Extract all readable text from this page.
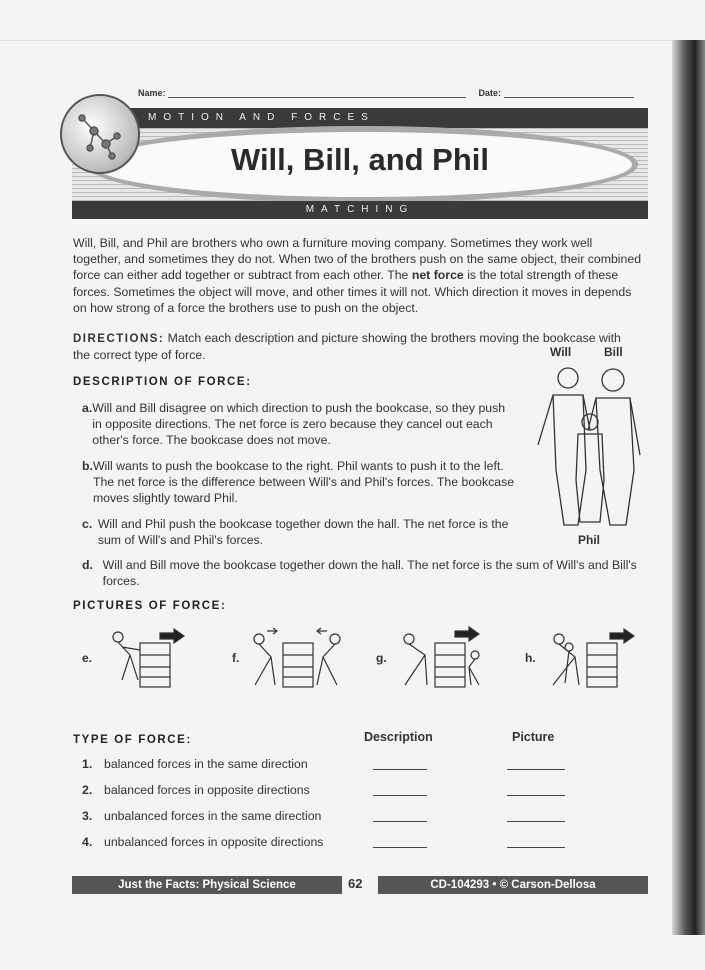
Name:	Date:
MOTION AND FORCES
Will, Bill, and Phil
MATCHING

Will, Bill, and Phil are brothers who own a furniture moving company. Sometimes they work well together, and sometimes they do not. When two of the brothers push on the same object, their combined force can either add together or subtract from each other. The net force is the total strength of these forces. Sometimes the object will move, and other times it will not. Which direction it moves in depends on how strong of a force the brothers use to push on the object.

DIRECTIONS: Match each description and picture showing the brothers moving the bookcase with the correct type of force.	Will	Bill
Phil
DESCRIPTION OF FORCE:
a. Will and Bill disagree on which direction to push the bookcase, so they push in opposite directions. The net force is zero because they cancel out each other's force. The bookcase does not move.
b. Will wants to push the bookcase to the right. Phil wants to push it to the left. The net force is the difference between Will's and Phil's forces. The bookcase moves slightly toward Phil.
c. Will and Phil push the bookcase together down the hall. The net force is the sum of Will's and Phil's forces.
d. Will and Bill move the bookcase together down the hall. The net force is the sum of Will's and Bill's forces.
PICTURES OF FORCE:
e.	f.	g.	h.
TYPE OF FORCE:	Description	Picture
1. balanced forces in the same direction
2. balanced forces in opposite directions
3. unbalanced forces in the same direction
4. unbalanced forces in opposite directions
Just the Facts: Physical Science	62	CD-104293 • © Carson-Dellosa
